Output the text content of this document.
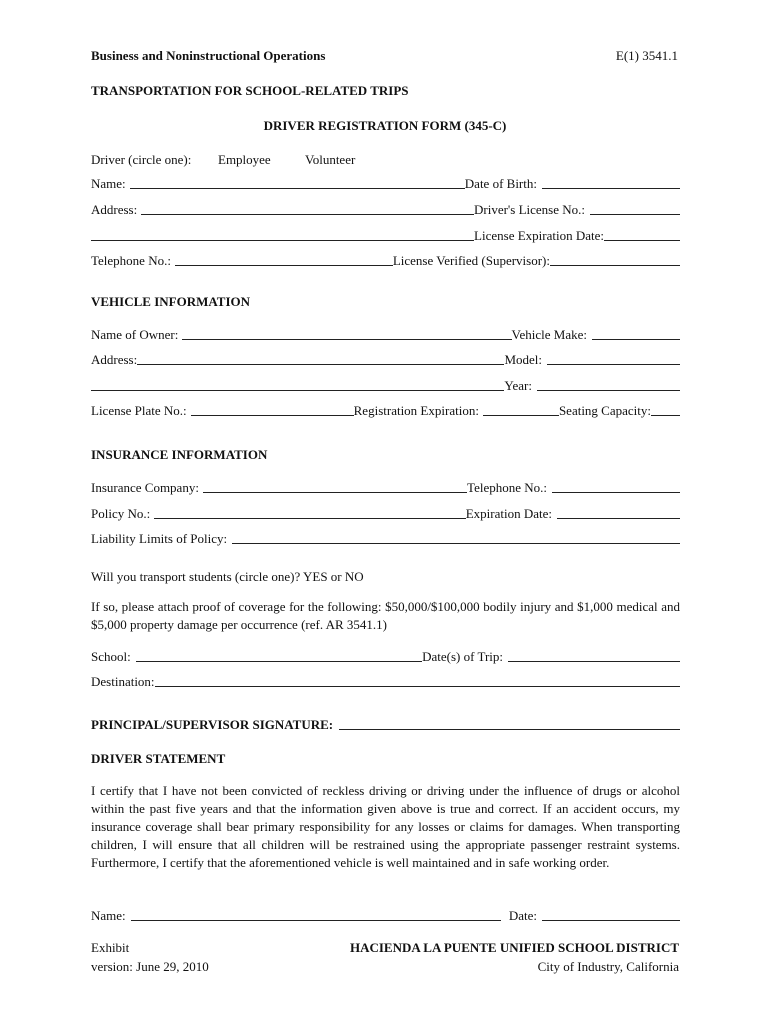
Business and Noninstructional Operations	E(1) 3541.1
TRANSPORTATION FOR SCHOOL-RELATED TRIPS
DRIVER REGISTRATION FORM (345-C)
Driver (circle one): Employee	Volunteer
Name:	Date of Birth:
Address:	Driver's License No.:
License Expiration Date:
Telephone No.:	License Verified (Supervisor):
VEHICLE INFORMATION
Name of Owner:	Vehicle Make:
Address:	Model:
Year:
License Plate No.:	Registration Expiration:	Seating Capacity:
INSURANCE INFORMATION
Insurance Company:	Telephone No.:
Policy No.:	Expiration Date:
Liability Limits of Policy:
Will you transport students (circle one)? YES or NO
If so, please attach proof of coverage for the following: $50,000/$100,000 bodily injury and $1,000 medical and $5,000 property damage per occurrence (ref. AR 3541.1)
School:	Date(s) of Trip:
Destination:
PRINCIPAL/SUPERVISOR SIGNATURE:
DRIVER STATEMENT
I certify that I have not been convicted of reckless driving or driving under the influence of drugs or alcohol within the past five years and that the information given above is true and correct. If an accident occurs, my insurance coverage shall bear primary responsibility for any losses or claims for damages. When transporting children, I will ensure that all children will be restrained using the appropriate passenger restraint systems. Furthermore, I certify that the aforementioned vehicle is well maintained and in safe working order.
Name:	Date:
Exhibit
version: June 29, 2010
HACIENDA LA PUENTE UNIFIED SCHOOL DISTRICT
City of Industry, California
